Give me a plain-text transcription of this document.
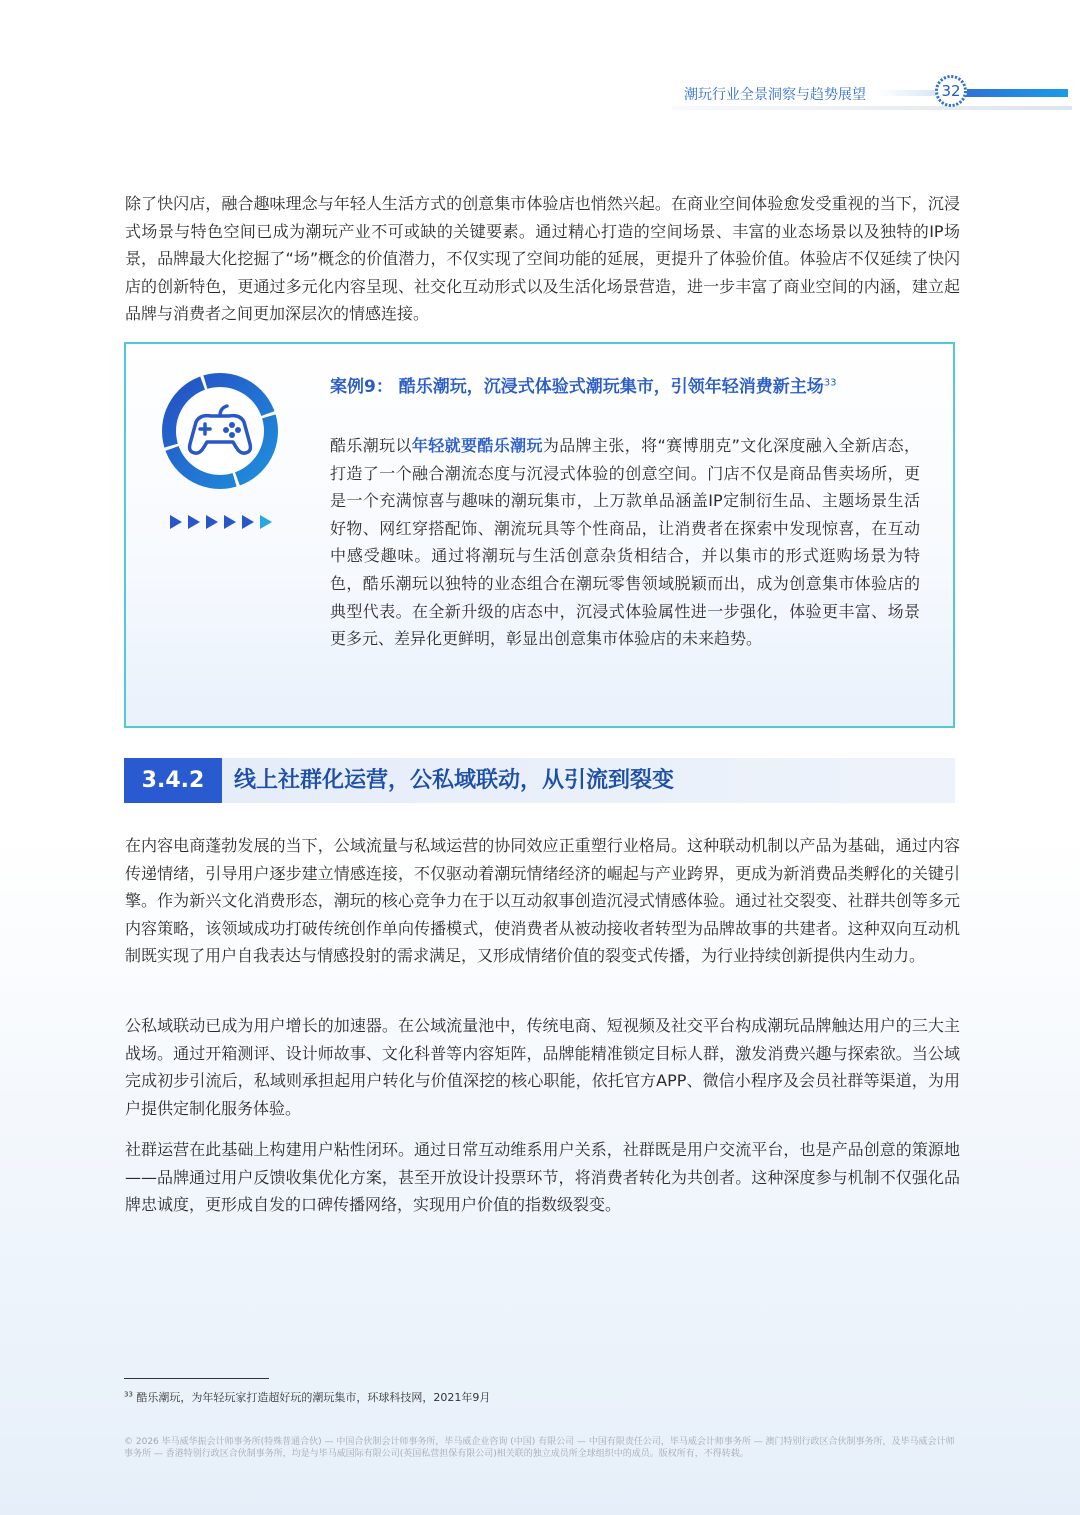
潮玩行业全景洞察与趋势展望	32

除了快闪店，融合趣味理念与年轻人生活方式的创意集市体验店也悄然兴起。在商业空间体验愈发受重视的当下，沉浸式场景与特色空间已成为潮玩产业不可或缺的关键要素。通过精心打造的空间场景、丰富的业态场景以及独特的IP场景，品牌最大化挖掘了“场”概念的价值潜力，不仅实现了空间功能的延展，更提升了体验价值。体验店不仅延续了快闪店的创新特色，更通过多元化内容呈现、社交化互动形式以及生活化场景营造，进一步丰富了商业空间的内涵，建立起品牌与消费者之间更加深层次的情感连接。

案例9： 酷乐潮玩，沉浸式体验式潮玩集市，引领年轻消费新主场$^{33}$

酷乐潮玩以年轻就要酷乐潮玩为品牌主张，将“赛博朋克”文化深度融入全新店态，打造了一个融合潮流态度与沉浸式体验的创意空间。门店不仅是商品售卖场所，更是一个充满惊喜与趣味的潮玩集市，上万款单品涵盖IP定制衍生品、主题场景生活好物、网红穿搭配饰、潮流玩具等个性商品，让消费者在探索中发现惊喜，在互动中感受趣味。通过将潮玩与生活创意杂货相结合，并以集市的形式逛购场景为特色，酷乐潮玩以独特的业态组合在潮玩零售领域脱颖而出，成为创意集市体验店的典型代表。在全新升级的店态中，沉浸式体验属性进一步强化，体验更丰富、场景更多元、差异化更鲜明，彰显出创意集市体验店的未来趋势。

3.4.2	线上社群化运营，公私域联动，从引流到裂变

在内容电商蓬勃发展的当下，公域流量与私域运营的协同效应正重塑行业格局。这种联动机制以产品为基础，通过内容传递情绪，引导用户逐步建立情感连接，不仅驱动着潮玩情绪经济的崛起与产业跨界，更成为新消费品类孵化的关键引擎。作为新兴文化消费形态，潮玩的核心竞争力在于以互动叙事创造沉浸式情感体验。通过社交裂变、社群共创等多元内容策略，该领域成功打破传统创作单向传播模式，使消费者从被动接收者转型为品牌故事的共建者。这种双向互动机制既实现了用户自我表达与情感投射的需求满足，又形成情绪价值的裂变式传播，为行业持续创新提供内生动力。

公私域联动已成为用户增长的加速器。在公域流量池中，传统电商、短视频及社交平台构成潮玩品牌触达用户的三大主战场。通过开箱测评、设计师故事、文化科普等内容矩阵，品牌能精准锁定目标人群，激发消费兴趣与探索欲。当公域完成初步引流后，私域则承担起用户转化与价值深挖的核心职能，依托官方APP、微信小程序及会员社群等渠道，为用户提供定制化服务体验。

社群运营在此基础上构建用户粘性闭环。通过日常互动维系用户关系，社群既是用户交流平台，也是产品创意的策源地——品牌通过用户反馈收集优化方案，甚至开放设计投票环节，将消费者转化为共创者。这种深度参与机制不仅强化品牌忠诚度，更形成自发的口碑传播网络，实现用户价值的指数级裂变。

$^{33}$ 酷乐潮玩，为年轻玩家打造超好玩的潮玩集市，环球科技网，2021年9月

© 2026 毕马威华振会计师事务所(特殊普通合伙) — 中国合伙制会计师事务所，毕马威企业咨询 (中国) 有限公司 — 中国有限责任公司，毕马威会计师事务所 — 澳门特别行政区合伙制事务所，及毕马威会计师事务所 — 香港特别行政区合伙制事务所，均是与毕马威国际有限公司(英国私营担保有限公司)相关联的独立成员所全球组织中的成员。版权所有，不得转载。
